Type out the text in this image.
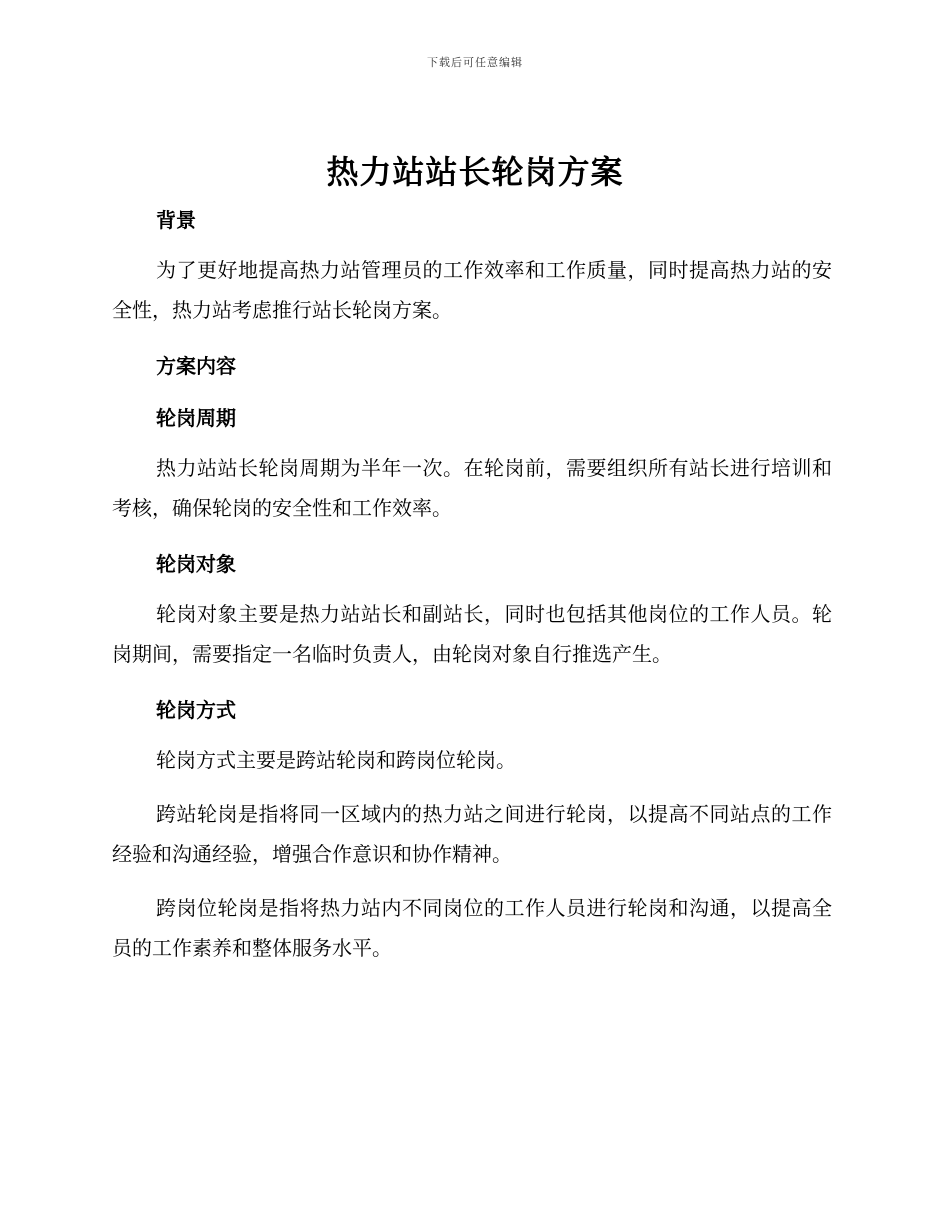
下载后可任意编辑
热力站站长轮岗方案

背景

为了更好地提高热力站管理员的工作效率和工作质量，同时提高热力站的安全性，热力站考虑推行站长轮岗方案。

方案内容

轮岗周期

热力站站长轮岗周期为半年一次。在轮岗前，需要组织所有站长进行培训和考核，确保轮岗的安全性和工作效率。

轮岗对象

轮岗对象主要是热力站站长和副站长，同时也包括其他岗位的工作人员。轮岗期间，需要指定一名临时负责人，由轮岗对象自行推选产生。

轮岗方式

轮岗方式主要是跨站轮岗和跨岗位轮岗。

跨站轮岗是指将同一区域内的热力站之间进行轮岗，以提高不同站点的工作经验和沟通经验，增强合作意识和协作精神。

跨岗位轮岗是指将热力站内不同岗位的工作人员进行轮岗和沟通，以提高全员的工作素养和整体服务水平。
